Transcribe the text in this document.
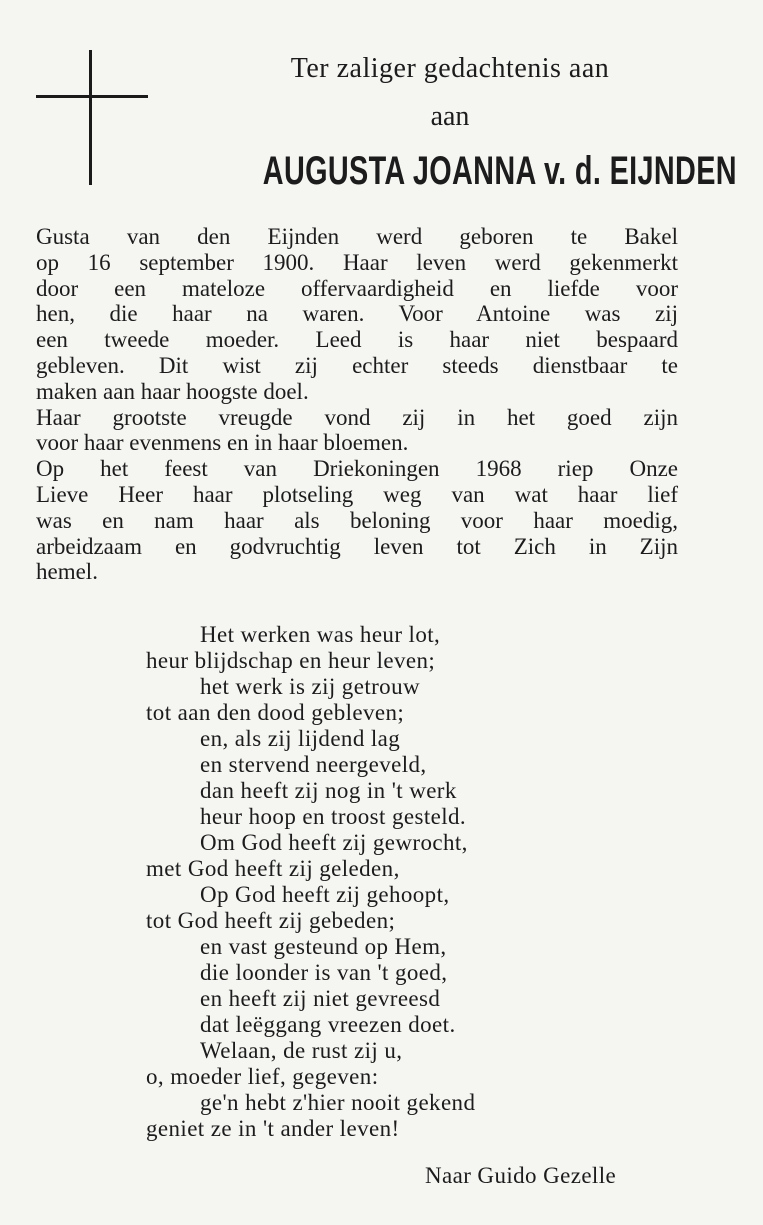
Ter zaliger gedachtenis aan
aan
AUGUSTA JOANNA v. d. EIJNDEN
Gusta van den Eijnden werd geboren te Bakel
op 16 september 1900. Haar leven werd gekenmerkt
door een mateloze offervaardigheid en liefde voor
hen, die haar na waren. Voor Antoine was zij
een tweede moeder. Leed is haar niet bespaard
gebleven. Dit wist zij echter steeds dienstbaar te
maken aan haar hoogste doel.
Haar grootste vreugde vond zij in het goed zijn
voor haar evenmens en in haar bloemen.
Op het feest van Driekoningen 1968 riep Onze
Lieve Heer haar plotseling weg van wat haar lief
was en nam haar als beloning voor haar moedig,
arbeidzaam en godvruchtig leven tot Zich in Zijn
hemel.
Het werken was heur lot,
heur blijdschap en heur leven;
het werk is zij getrouw
tot aan den dood gebleven;
en, als zij lijdend lag
en stervend neergeveld,
dan heeft zij nog in 't werk
heur hoop en troost gesteld.
Om God heeft zij gewrocht,
met God heeft zij geleden,
Op God heeft zij gehoopt,
tot God heeft zij gebeden;
en vast gesteund op Hem,
die loonder is van 't goed,
en heeft zij niet gevreesd
dat leëggang vreezen doet.
Welaan, de rust zij u,
o, moeder lief, gegeven:
ge'n hebt z'hier nooit gekend
geniet ze in 't ander leven!
Naar Guido Gezelle
